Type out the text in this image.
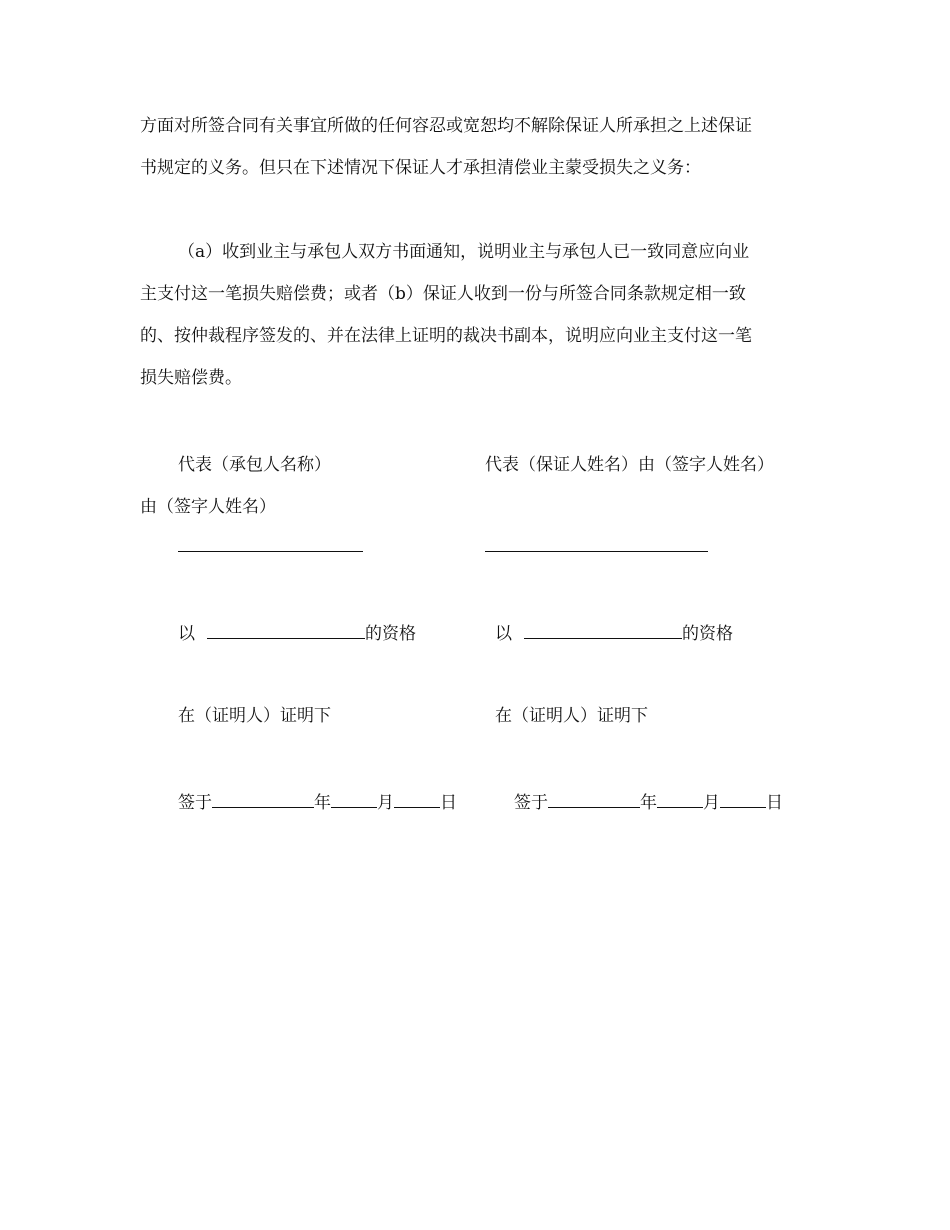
方面对所签合同有关事宜所做的任何容忍或宽恕均不解除保证人所承担之上述保证
书规定的义务。但只在下述情况下保证人才承担清偿业主蒙受损失之义务：
（a）收到业主与承包人双方书面通知，说明业主与承包人已一致同意应向业
主支付这一笔损失赔偿费；或者（b）保证人收到一份与所签合同条款规定相一致
的、按仲裁程序签发的、并在法律上证明的裁决书副本，说明应向业主支付这一笔
损失赔偿费。
代表（承包人名称）	代表（保证人姓名）由（签字人姓名）
由（签字人姓名）
以	的资格	以	的资格
在（证明人）证明下	在（证明人）证明下
签于	年	月	日	签于	年	月	日
